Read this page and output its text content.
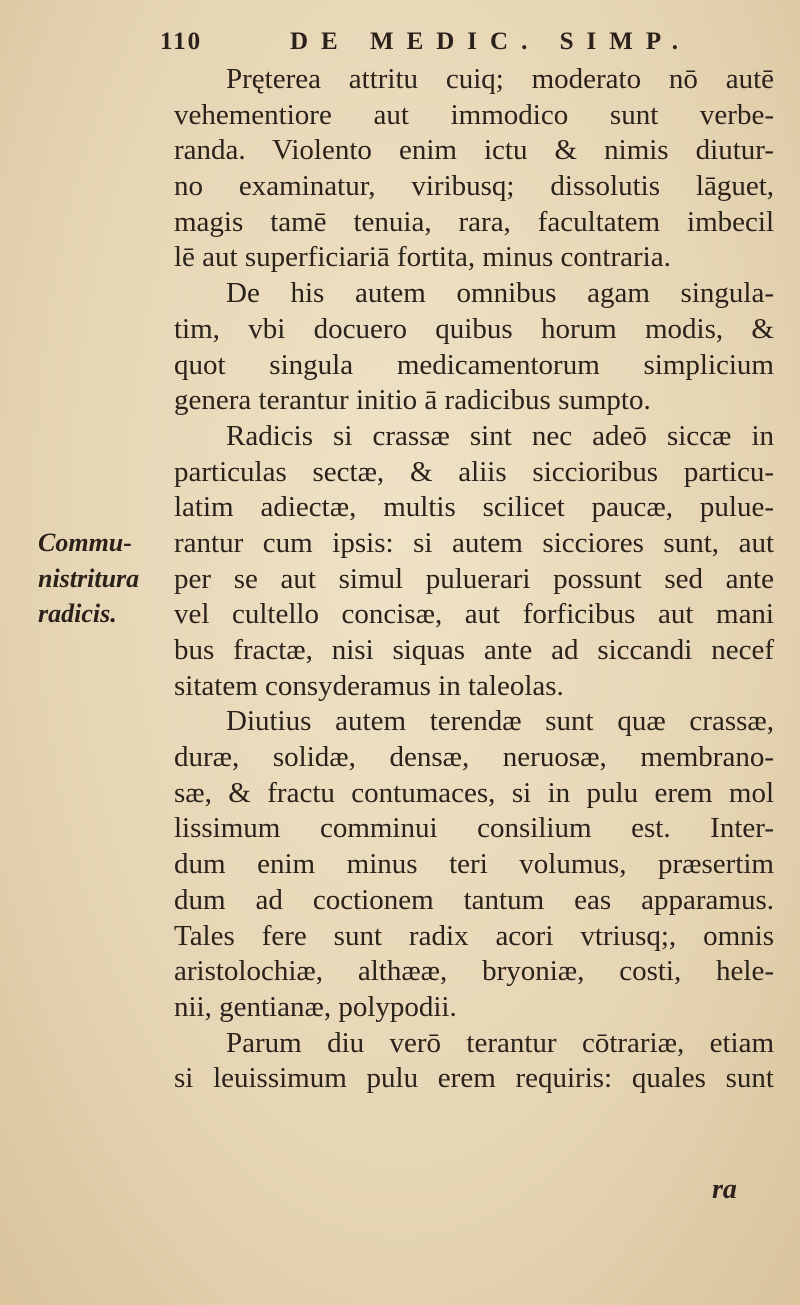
110	DE MEDIC. SIMP.
Commu-
nistritura
radicis.
Pręterea attritu cuiq; moderato nō autē
vehementiore aut immodico sunt verbe-
randa. Violento enim ictu & nimis diutur-
no examinatur, viribusq; dissolutis lāguet,
magis tamē tenuia, rara, facultatem imbecil
lē aut superficiariā fortita, minus contraria.
De his autem omnibus agam singula-
tim, vbi docuero quibus horum modis, &
quot singula medicamentorum simplicium
genera terantur initio ā radicibus sumpto.
Radicis si crassæ sint nec adeō siccæ in
particulas sectæ, & aliis siccioribus particu-
latim adiectæ, multis scilicet paucæ, pulue-
rantur cum ipsis: si autem sicciores sunt, aut
per se aut simul puluerari possunt sed ante
vel cultello concisæ, aut forficibus aut mani
bus fractæ, nisi siquas ante ad siccandi necef
sitatem consyderamus in taleolas.
Diutius autem terendæ sunt quæ crassæ,
duræ, solidæ, densæ, neruosæ, membrano-
sæ, & fractu contumaces, si in pulu erem mol
lissimum comminui consilium est. Inter-
dum enim minus teri volumus, præsertim
dum ad coctionem tantum eas apparamus.
Tales fere sunt radix acori vtriusq;, omnis
aristolochiæ, althææ, bryoniæ, costi, hele-
nii, gentianæ, polypodii.
Parum diu verō terantur cōtrariæ, etiam
si leuissimum pulu erem requiris: quales sunt
ra
